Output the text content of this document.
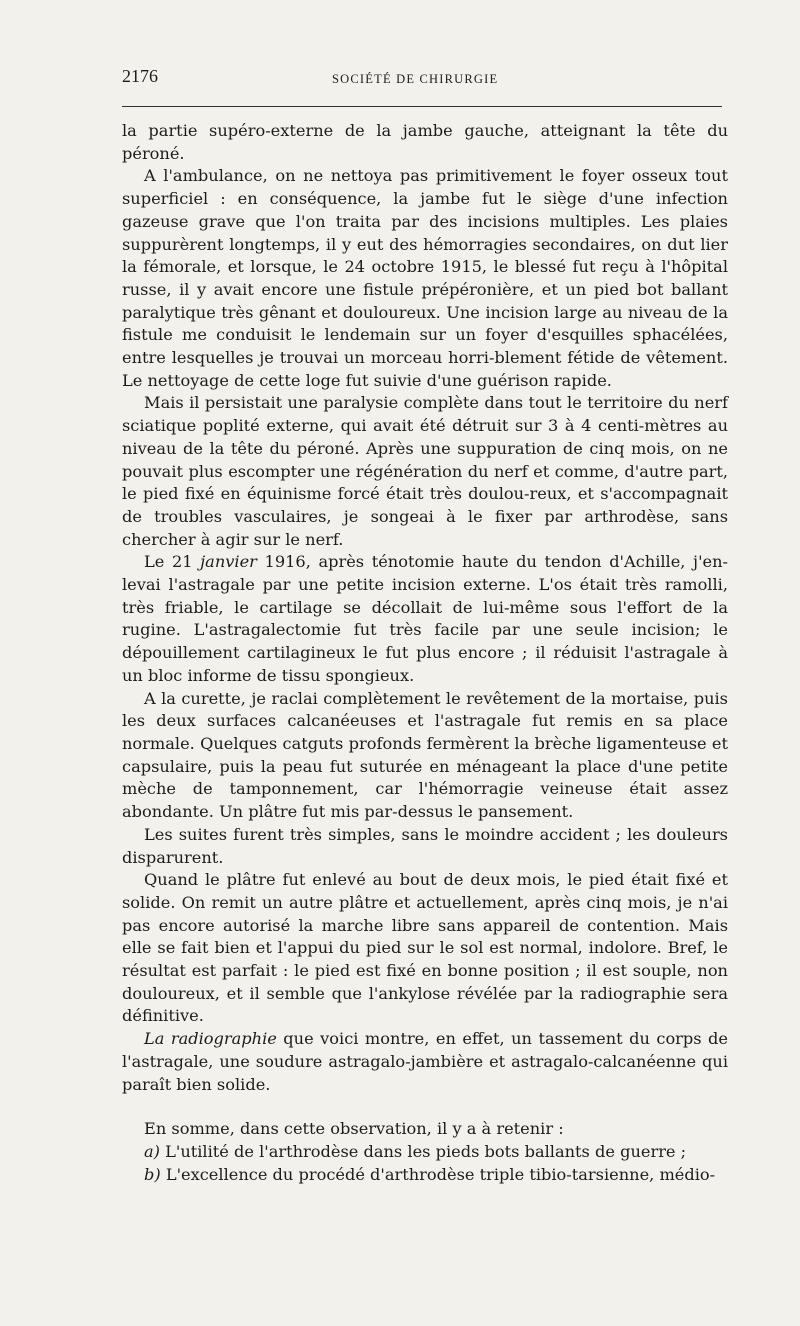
2176	SOCIÉTÉ DE CHIRURGIE

la partie supéro-externe de la jambe gauche, atteignant la tête du péroné.

A l'ambulance, on ne nettoya pas primitivement le foyer osseux tout superficiel : en conséquence, la jambe fut le siège d'une infection gazeuse grave que l'on traita par des incisions multiples. Les plaies suppurèrent longtemps, il y eut des hémorragies secondaires, on dut lier la fémorale, et lorsque, le 24 octobre 1915, le blessé fut reçu à l'hôpital russe, il y avait encore une fistule prépéronière, et un pied bot ballant paralytique très gênant et douloureux. Une incision large au niveau de la fistule me conduisit le lendemain sur un foyer d'esquilles sphacélées, entre lesquelles je trouvai un morceau horri-blement fétide de vêtement. Le nettoyage de cette loge fut suivie d'une guérison rapide.

Mais il persistait une paralysie complète dans tout le territoire du nerf sciatique poplité externe, qui avait été détruit sur 3 à 4 centi-mètres au niveau de la tête du péroné. Après une suppuration de cinq mois, on ne pouvait plus escompter une régénération du nerf et comme, d'autre part, le pied fixé en équinisme forcé était très doulou-reux, et s'accompagnait de troubles vasculaires, je songeai à le fixer par arthrodèse, sans chercher à agir sur le nerf.

Le 21 janvier 1916, après ténotomie haute du tendon d'Achille, j'en-levai l'astragale par une petite incision externe. L'os était très ramolli, très friable, le cartilage se décollait de lui-même sous l'effort de la rugine. L'astragalectomie fut très facile par une seule incision; le dépouillement cartilagineux le fut plus encore ; il réduisit l'astragale à un bloc informe de tissu spongieux.

A la curette, je raclai complètement le revêtement de la mortaise, puis les deux surfaces calcanéeuses et l'astragale fut remis en sa place normale. Quelques catguts profonds fermèrent la brèche ligamenteuse et capsulaire, puis la peau fut suturée en ménageant la place d'une petite mèche de tamponnement, car l'hémorragie veineuse était assez abondante. Un plâtre fut mis par-dessus le pansement.

Les suites furent très simples, sans le moindre accident ; les douleurs disparurent.

Quand le plâtre fut enlevé au bout de deux mois, le pied était fixé et solide. On remit un autre plâtre et actuellement, après cinq mois, je n'ai pas encore autorisé la marche libre sans appareil de contention. Mais elle se fait bien et l'appui du pied sur le sol est normal, indolore. Bref, le résultat est parfait : le pied est fixé en bonne position ; il est souple, non douloureux, et il semble que l'ankylose révélée par la radiographie sera définitive.

La radiographie que voici montre, en effet, un tassement du corps de l'astragale, une soudure astragalo-jambière et astragalo-calcanéenne qui paraît bien solide.

En somme, dans cette observation, il y a à retenir :

a) L'utilité de l'arthrodèse dans les pieds bots ballants de guerre ;

b) L'excellence du procédé d'arthrodèse triple tibio-tarsienne, médio-
